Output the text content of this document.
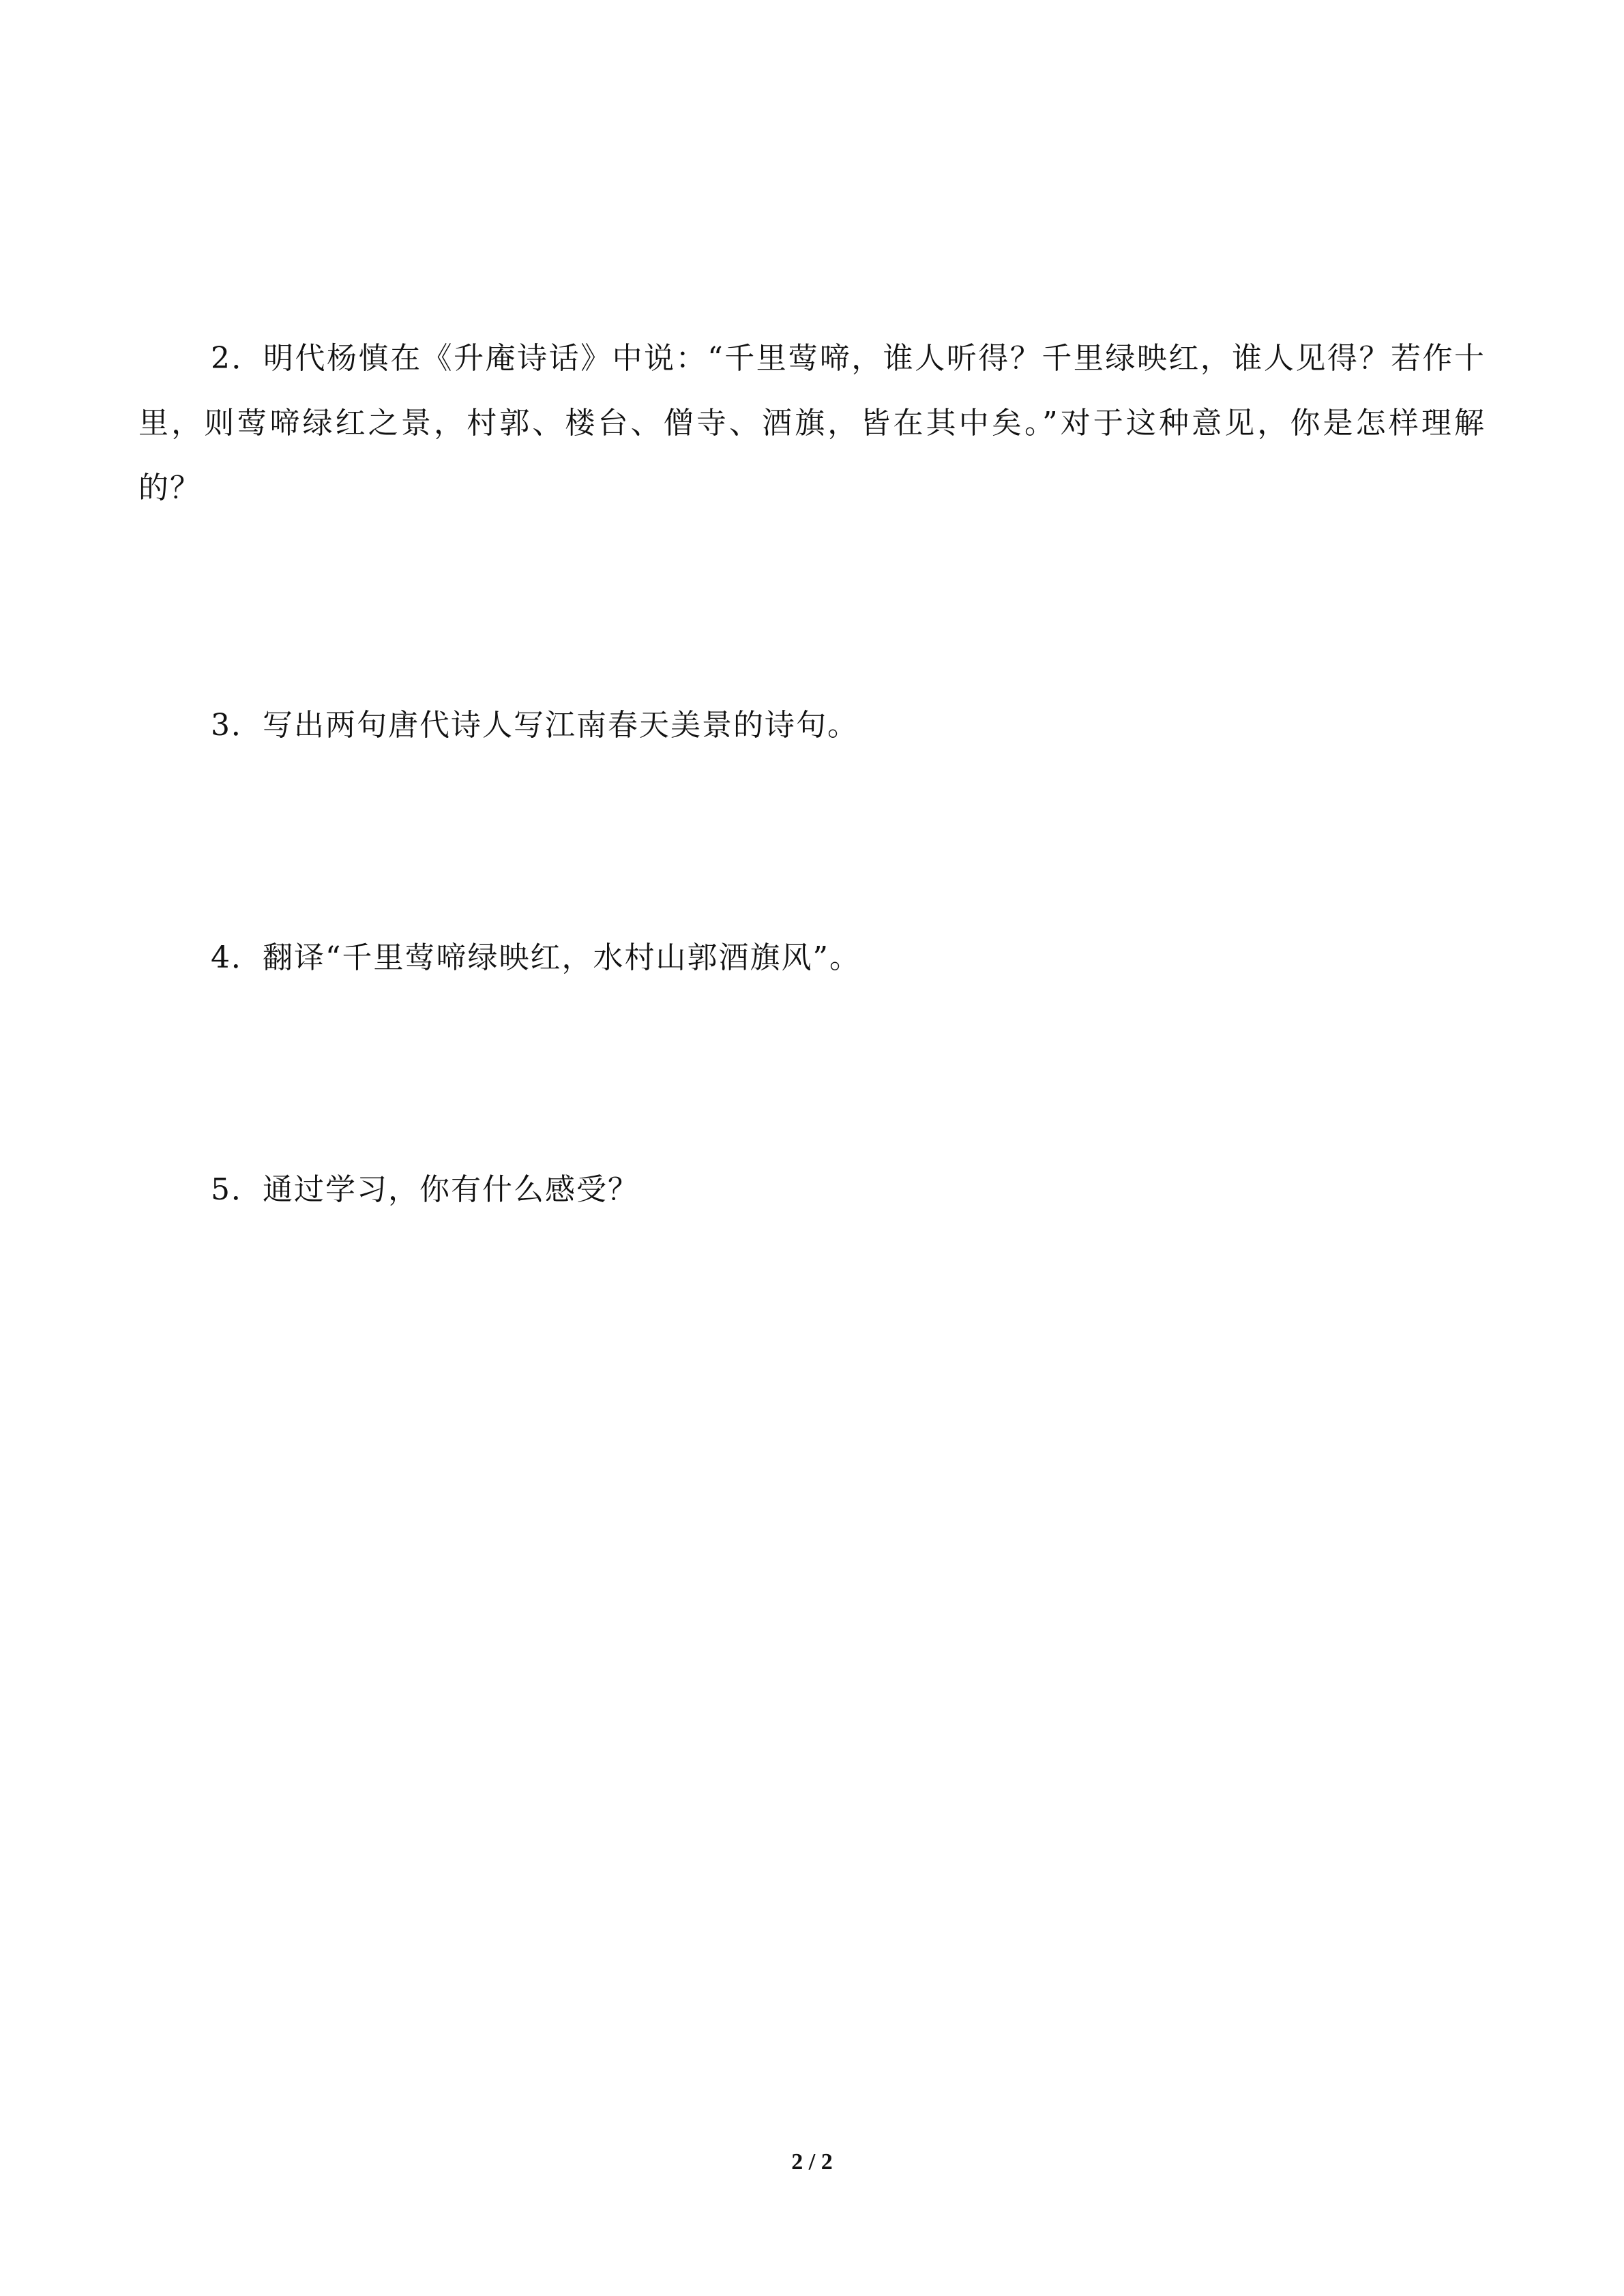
2．明代杨慎在《升庵诗话》中说：“千里莺啼，谁人听得？千里绿映红，谁人见得？若作十里，则莺啼绿红之景，村郭、楼台、僧寺、酒旗，皆在其中矣。”对于这种意见，你是怎样理解的？

3．写出两句唐代诗人写江南春天美景的诗句。

4．翻译“千里莺啼绿映红，水村山郭酒旗风”。

5．通过学习，你有什么感受？

2 / 2
